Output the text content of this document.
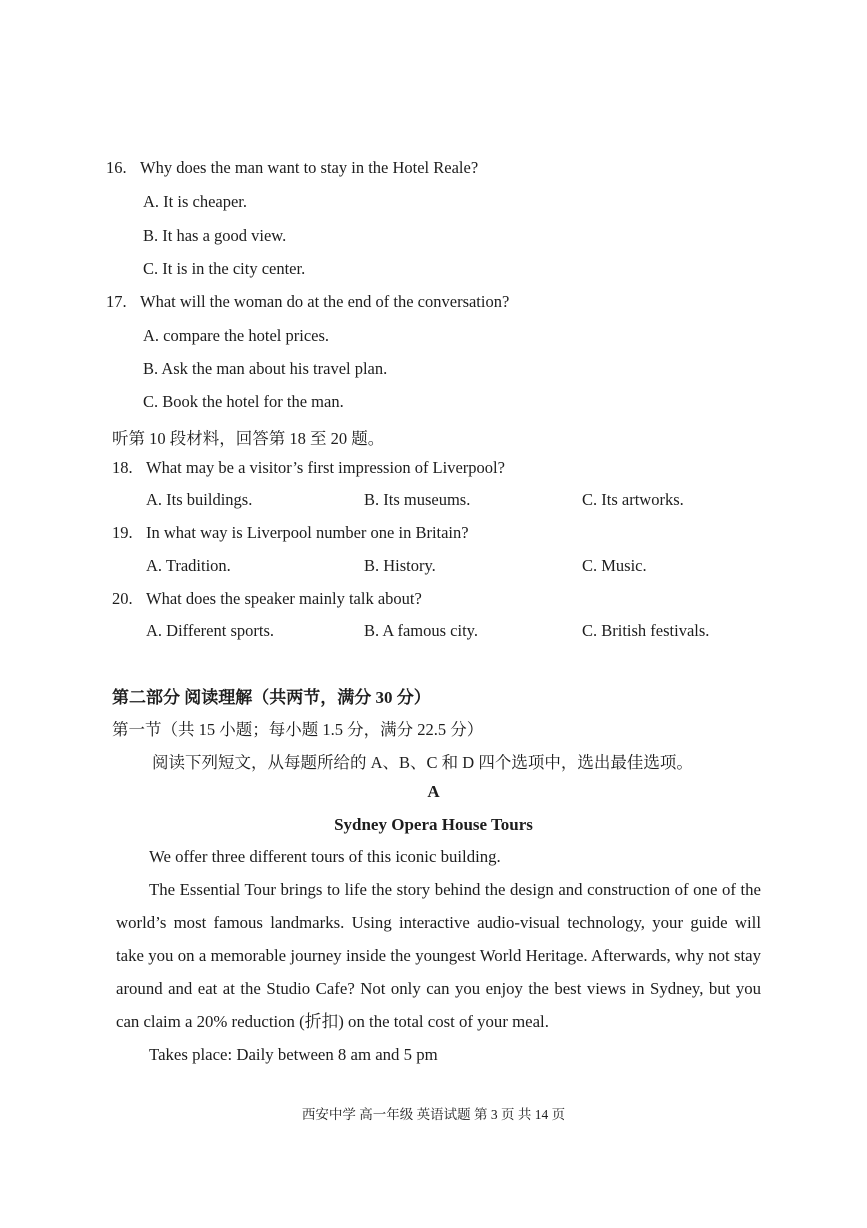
16. Why does the man want to stay in the Hotel Reale?
A. It is cheaper.
B. It has a good view.
C. It is in the city center.
17. What will the woman do at the end of the conversation?
A. compare the hotel prices.
B. Ask the man about his travel plan.
C. Book the hotel for the man.
听第 10 段材料，回答第 18 至 20 题。
18. What may be a visitor’s first impression of Liverpool?
A. Its buildings.	B. Its museums.	C. Its artworks.
19. In what way is Liverpool number one in Britain?
A. Tradition.	B. History.	C. Music.
20. What does the speaker mainly talk about?
A. Different sports.	B. A famous city.	C. British festivals.
第二部分 阅读理解（共两节，满分 30 分）
第一节（共 15 小题；每小题 1.5 分，满分 22.5 分）
阅读下列短文，从每题所给的 A、B、C 和 D 四个选项中，选出最佳选项。
A
Sydney Opera House Tours

We offer three different tours of this iconic building.

The Essential Tour brings to life the story behind the design and construction of one of the world’s most famous landmarks. Using interactive audio-visual technology, your guide will take you on a memorable journey inside the youngest World Heritage. Afterwards, why not stay around and eat at the Studio Cafe? Not only can you enjoy the best views in Sydney, but you can claim a 20% reduction (折扣) on the total cost of your meal.

Takes place: Daily between 8 am and 5 pm

西安中学 高一年级 英语试题 第 3 页 共 14 页
